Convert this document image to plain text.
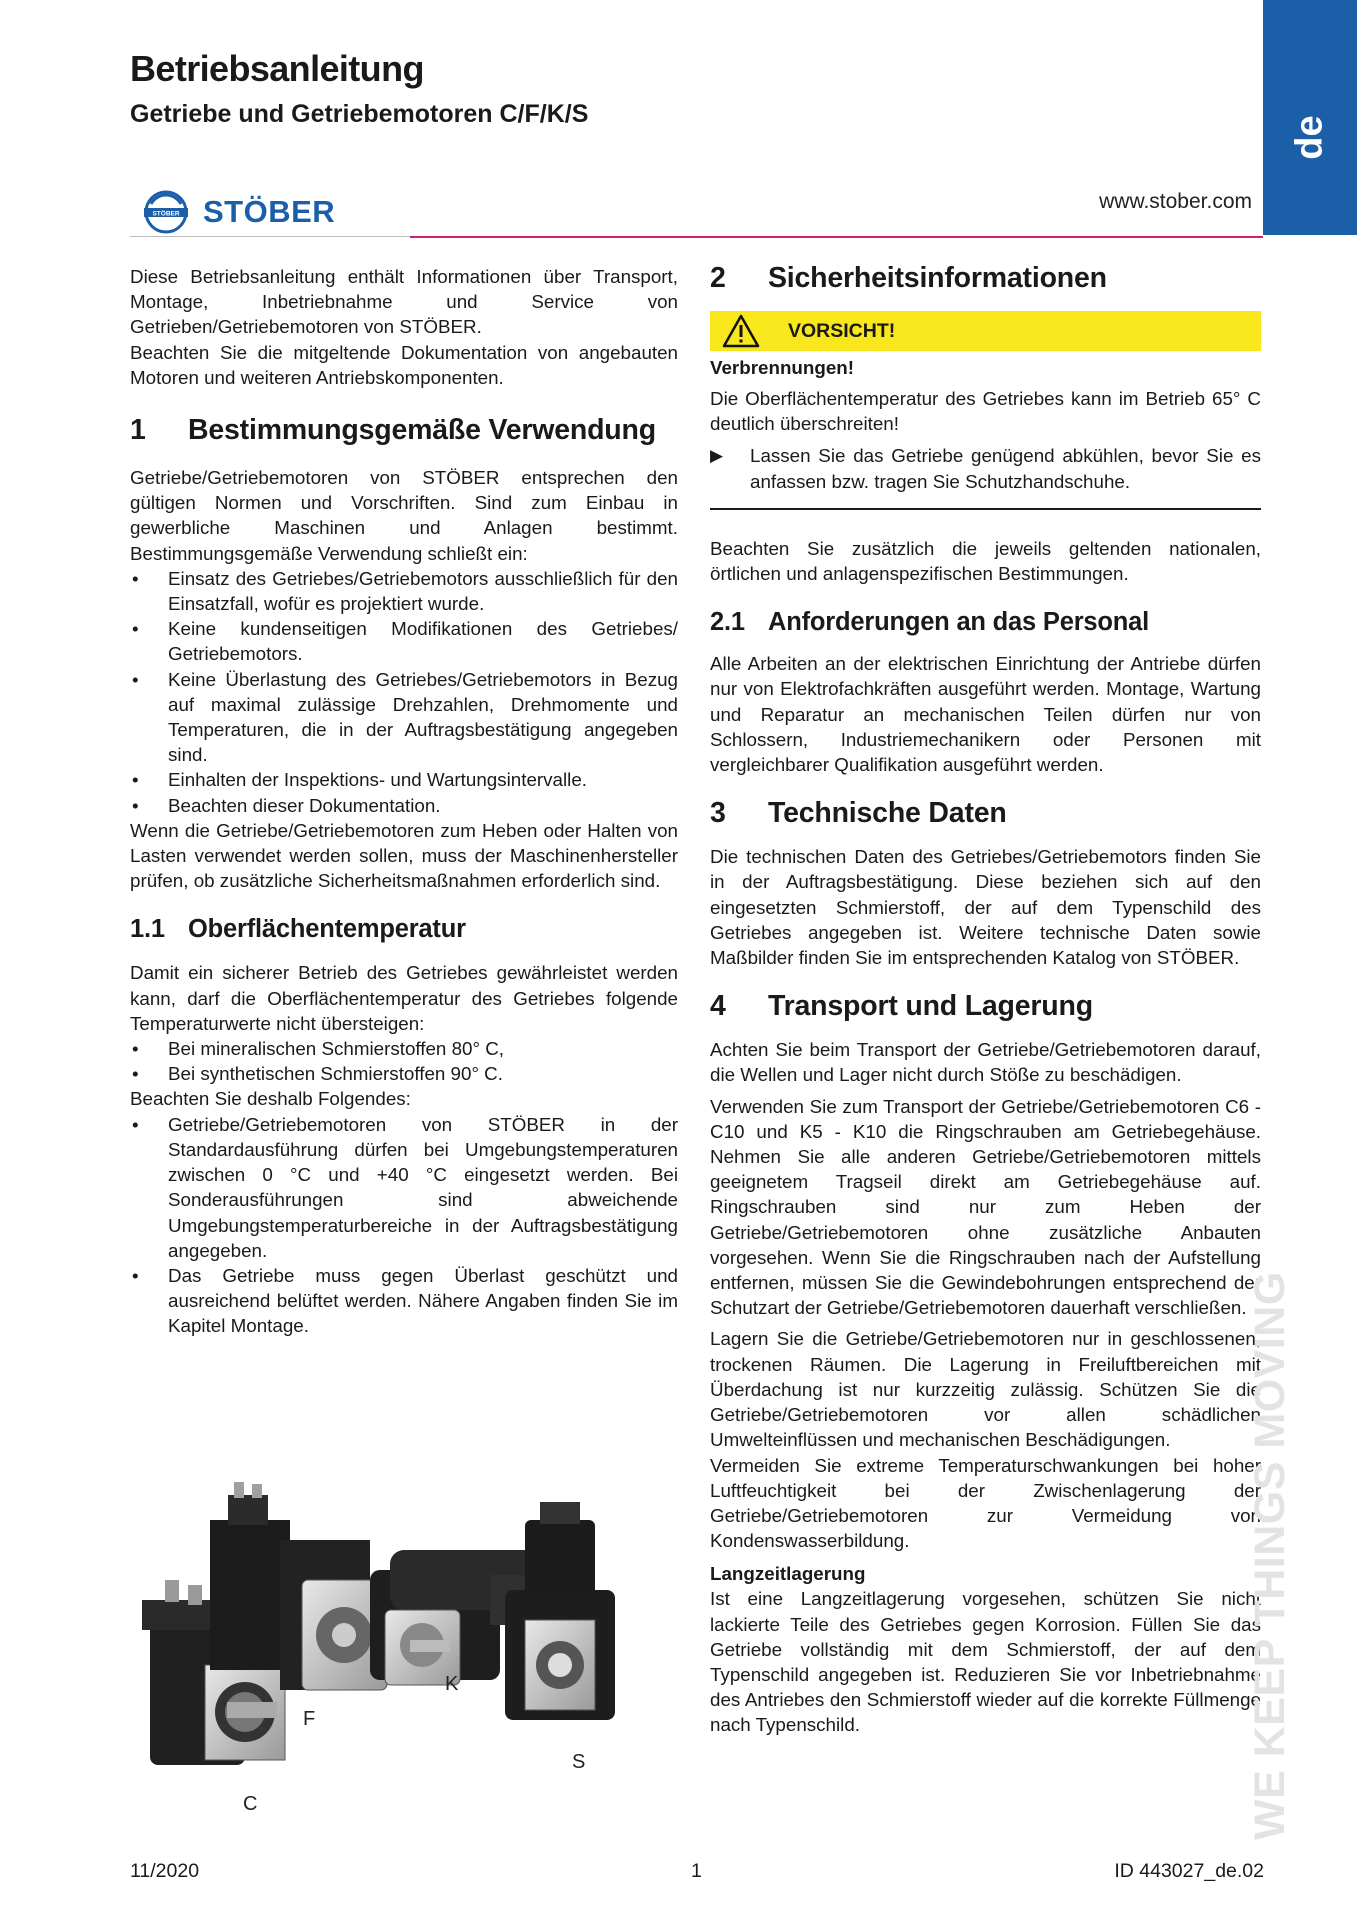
Betriebsanleitung
Getriebe und Getriebemotoren C/F/K/S
de
STÖBER STÖBER	www.stober.com

Diese Betriebsanleitung enthält Informationen über Transport, Montage, Inbetriebnahme und Service von Getrieben/Getriebemotoren von STÖBER.

Beachten Sie die mitgeltende Dokumentation von angebauten Motoren und weiteren Antriebskomponenten.

1	Bestimmungsgemäße Verwendung

Getriebe/Getriebemotoren von STÖBER entsprechen den gültigen Normen und Vorschriften. Sind zum Einbau in gewerbliche Maschinen und Anlagen bestimmt. Bestimmungsgemäße Verwendung schließt ein:

• Einsatz des Getriebes/Getriebemotors ausschließlich für den Einsatzfall, wofür es projektiert wurde.
• Keine kundenseitigen Modifikationen des Getriebes/ Getriebemotors.
• Keine Überlastung des Getriebes/Getriebemotors in Bezug auf maximal zulässige Drehzahlen, Drehmomente und Temperaturen, die in der Auftragsbestätigung angegeben sind.
• Einhalten der Inspektions- und Wartungsintervalle.
• Beachten dieser Dokumentation.

Wenn die Getriebe/Getriebemotoren zum Heben oder Halten von Lasten verwendet werden sollen, muss der Maschinenhersteller prüfen, ob zusätzliche Sicherheitsmaßnahmen erforderlich sind.

1.1 Oberflächentemperatur

Damit ein sicherer Betrieb des Getriebes gewährleistet werden kann, darf die Oberflächentemperatur des Getriebes folgende Temperaturwerte nicht übersteigen:

• Bei mineralischen Schmierstoffen 80° C,
• Bei synthetischen Schmierstoffen 90° C.

Beachten Sie deshalb Folgendes:

• Getriebe/Getriebemotoren von STÖBER in der Standardausführung dürfen bei Umgebungstemperaturen zwischen 0 °C und +40 °C eingesetzt werden. Bei Sonderausführungen sind abweichende Umgebungstemperaturbereiche in der Auftragsbestätigung angegeben.
• Das Getriebe muss gegen Überlast geschützt und ausreichend belüftet werden. Nähere Angaben finden Sie im Kapitel Montage.
F
C
K
S
2	Sicherheitsinformationen
VORSICHT!

Verbrennungen!

Die Oberflächentemperatur des Getriebes kann im Betrieb 65° C deutlich überschreiten!

▶	Lassen Sie das Getriebe genügend abkühlen, bevor Sie es anfassen bzw. tragen Sie Schutzhandschuhe.

Beachten Sie zusätzlich die jeweils geltenden nationalen, örtlichen und anlagenspezifischen Bestimmungen.

2.1 Anforderungen an das Personal

Alle Arbeiten an der elektrischen Einrichtung der Antriebe dürfen nur von Elektrofachkräften ausgeführt werden. Montage, Wartung und Reparatur an mechanischen Teilen dürfen nur von Schlossern, Industriemechanikern oder Personen mit vergleichbarer Qualifikation ausgeführt werden.

3	Technische Daten

Die technischen Daten des Getriebes/Getriebemotors finden Sie in der Auftragsbestätigung. Diese beziehen sich auf den eingesetzten Schmierstoff, der auf dem Typenschild des Getriebes angegeben ist. Weitere technische Daten sowie Maßbilder finden Sie im entsprechenden Katalog von STÖBER.

4	Transport und Lagerung

Achten Sie beim Transport der Getriebe/Getriebemotoren darauf, die Wellen und Lager nicht durch Stöße zu beschädigen.

Verwenden Sie zum Transport der Getriebe/Getriebemotoren C6 - C10 und K5 - K10 die Ringschrauben am Getriebegehäuse. Nehmen Sie alle anderen Getriebe/Getriebemotoren mittels geeignetem Tragseil direkt am Getriebegehäuse auf. Ringschrauben sind nur zum Heben der Getriebe/Getriebemotoren ohne zusätzliche Anbauten vorgesehen. Wenn Sie die Ringschrauben nach der Aufstellung entfernen, müssen Sie die Gewindebohrungen entsprechend der Schutzart der Getriebe/Getriebemotoren dauerhaft verschließen.

Lagern Sie die Getriebe/Getriebemotoren nur in geschlossenen, trockenen Räumen. Die Lagerung in Freiluftbereichen mit Überdachung ist nur kurzzeitig zulässig. Schützen Sie die Getriebe/Getriebemotoren vor allen schädlichen Umwelteinflüssen und mechanischen Beschädigungen.

Vermeiden Sie extreme Temperaturschwankungen bei hoher Luftfeuchtigkeit bei der Zwischenlagerung der Getriebe/Getriebemotoren zur Vermeidung von Kondenswasserbildung.

Langzeitlagerung

Ist eine Langzeitlagerung vorgesehen, schützen Sie nicht lackierte Teile des Getriebes gegen Korrosion. Füllen Sie das Getriebe vollständig mit dem Schmierstoff, der auf dem Typenschild angegeben ist. Reduzieren Sie vor Inbetriebnahme des Antriebes den Schmierstoff wieder auf die korrekte Füllmenge nach Typenschild.	WE KEEP THINGS MOVING
11/2020	1	ID 443027_de.02
